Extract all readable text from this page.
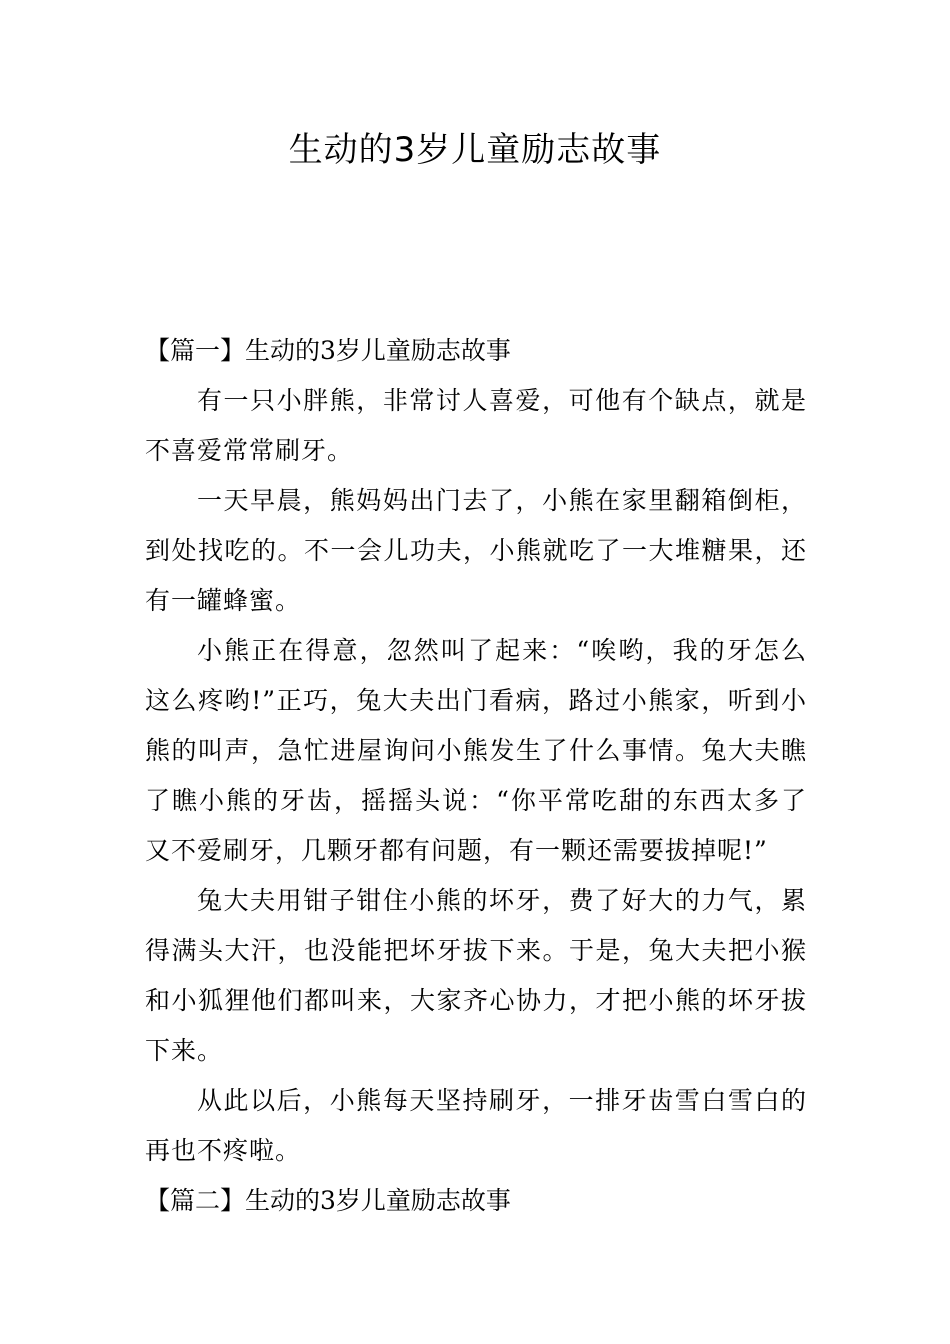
生动的3岁儿童励志故事

【篇一】生动的3岁儿童励志故事

有一只小胖熊，非常讨人喜爱，可他有个缺点，就是不喜爱常常刷牙。

一天早晨，熊妈妈出门去了，小熊在家里翻箱倒柜，到处找吃的。不一会儿功夫，小熊就吃了一大堆糖果，还有一罐蜂蜜。

小熊正在得意，忽然叫了起来：“唉哟，我的牙怎么这么疼哟!”正巧，兔大夫出门看病，路过小熊家，听到小熊的叫声，急忙进屋询问小熊发生了什么事情。兔大夫瞧了瞧小熊的牙齿，摇摇头说：“你平常吃甜的东西太多了又不爱刷牙，几颗牙都有问题，有一颗还需要拔掉呢!”

兔大夫用钳子钳住小熊的坏牙，费了好大的力气，累得满头大汗，也没能把坏牙拔下来。于是，兔大夫把小猴和小狐狸他们都叫来，大家齐心协力，才把小熊的坏牙拔下来。

从此以后，小熊每天坚持刷牙，一排牙齿雪白雪白的再也不疼啦。

【篇二】生动的3岁儿童励志故事
